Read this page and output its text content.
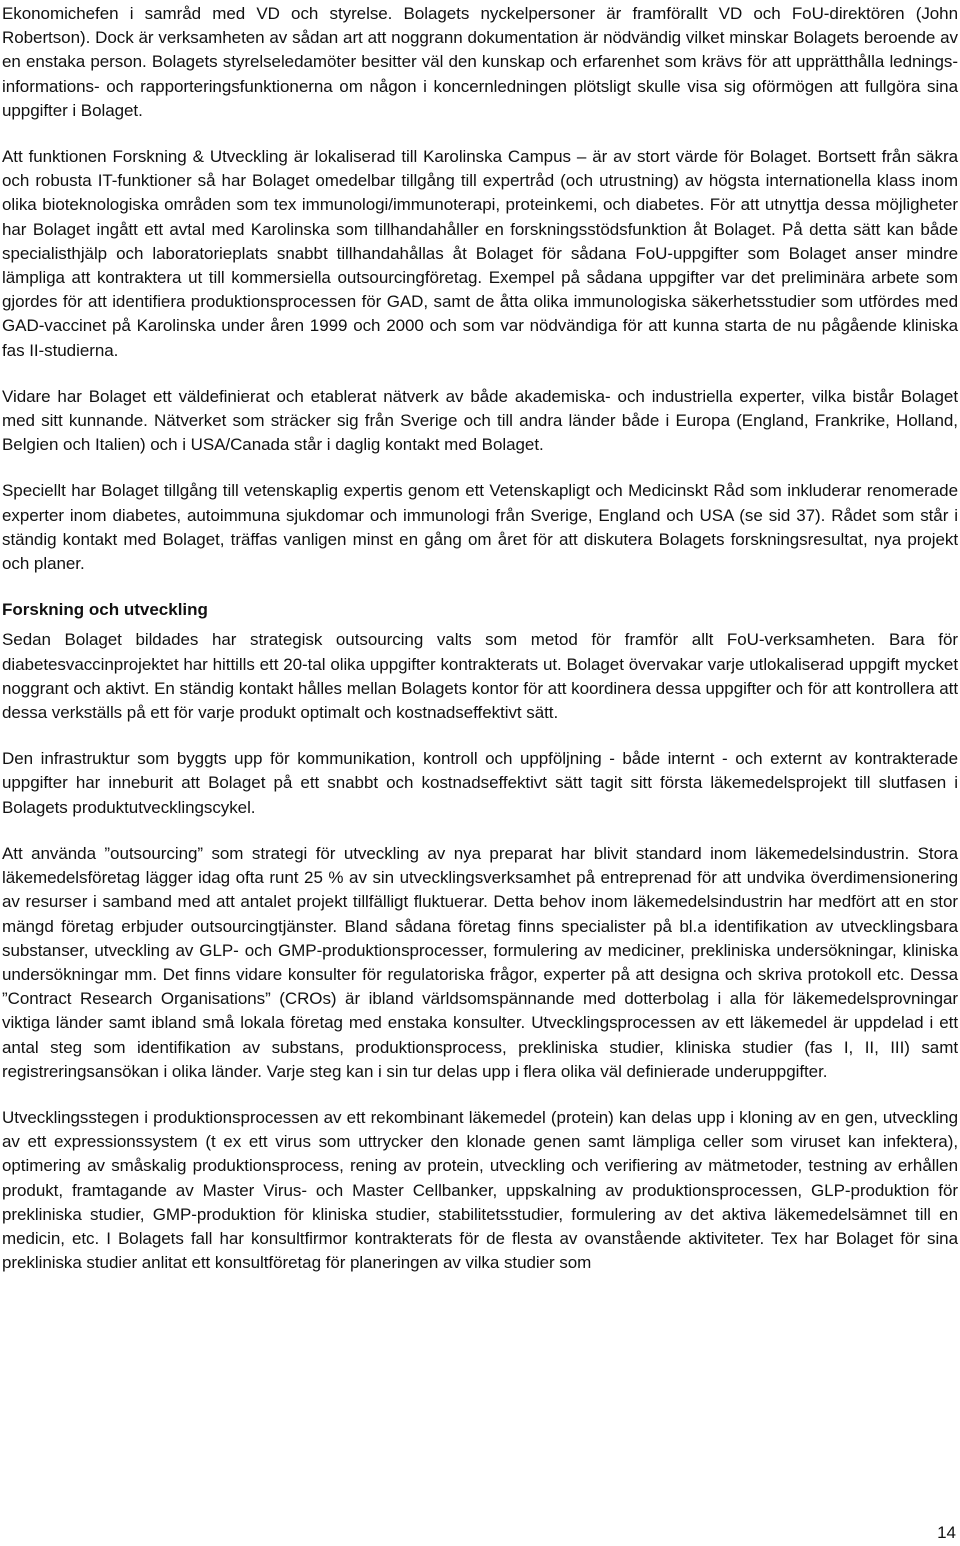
Ekonomichefen i samråd med VD och styrelse. Bolagets nyckelpersoner är framförallt VD och FoU-direktören (John Robertson). Dock är verksamheten av sådan art att noggrann dokumentation är nödvändig vilket minskar Bolagets beroende av en enstaka person. Bolagets styrelseledamöter besitter väl den kunskap och erfarenhet som krävs för att upprätthålla lednings- informations- och rapporteringsfunktionerna om någon i koncernledningen plötsligt skulle visa sig oförmögen att fullgöra sina uppgifter i Bolaget.

Att funktionen Forskning & Utveckling är lokaliserad till Karolinska Campus – är av stort värde för Bolaget. Bortsett från säkra och robusta IT-funktioner så har Bolaget omedelbar tillgång till expertråd (och utrustning) av högsta internationella klass inom olika bioteknologiska områden som tex immunologi/immunoterapi, proteinkemi, och diabetes. För att utnyttja dessa möjligheter har Bolaget ingått ett avtal med Karolinska som tillhandahåller en forskningsstödsfunktion åt Bolaget. På detta sätt kan både specialisthjälp och laboratorieplats snabbt tillhandahållas åt Bolaget för sådana FoU-uppgifter som Bolaget anser mindre lämpliga att kontraktera ut till kommersiella outsourcingföretag. Exempel på sådana uppgifter var det preliminära arbete som gjordes för att identifiera produktionsprocessen för GAD, samt de åtta olika immunologiska säkerhetsstudier som utfördes med GAD-vaccinet på Karolinska under åren 1999 och 2000 och som var nödvändiga för att kunna starta de nu pågående kliniska fas II-studierna.

Vidare har Bolaget ett väldefinierat och etablerat nätverk av både akademiska- och industriella experter, vilka bistår Bolaget med sitt kunnande. Nätverket som sträcker sig från Sverige och till andra länder både i Europa (England, Frankrike, Holland, Belgien och Italien) och i USA/Canada står i daglig kontakt med Bolaget.

Speciellt har Bolaget tillgång till vetenskaplig expertis genom ett Vetenskapligt och Medicinskt Råd som inkluderar renomerade experter inom diabetes, autoimmuna sjukdomar och immunologi från Sverige, England och USA (se sid 37). Rådet som står i ständig kontakt med Bolaget, träffas vanligen minst en gång om året för att diskutera Bolagets forskningsresultat, nya projekt och planer.

Forskning och utveckling

Sedan Bolaget bildades har strategisk outsourcing valts som metod för framför allt FoU-verksamheten. Bara för diabetesvaccinprojektet har hittills ett 20-tal olika uppgifter kontrakterats ut. Bolaget övervakar varje utlokaliserad uppgift mycket noggrant och aktivt. En ständig kontakt hålles mellan Bolagets kontor för att koordinera dessa uppgifter och för att kontrollera att dessa verkställs på ett för varje produkt optimalt och kostnadseffektivt sätt.

Den infrastruktur som byggts upp för kommunikation, kontroll och uppföljning - både internt - och externt av kontrakterade uppgifter har inneburit att Bolaget på ett snabbt och kostnadseffektivt sätt tagit sitt första läkemedelsprojekt till slutfasen i Bolagets produktutvecklingscykel.

Att använda ”outsourcing” som strategi för utveckling av nya preparat har blivit standard inom läkemedelsindustrin. Stora läkemedelsföretag lägger idag ofta runt 25 % av sin utvecklingsverksamhet på entreprenad för att undvika överdimensionering av resurser i samband med att antalet projekt tillfälligt fluktuerar. Detta behov inom läkemedelsindustrin har medfört att en stor mängd företag erbjuder outsourcingtjänster. Bland sådana företag finns specialister på bl.a identifikation av utvecklingsbara substanser, utveckling av GLP- och GMP-produktionsprocesser, formulering av mediciner, prekliniska undersökningar, kliniska undersökningar mm. Det finns vidare konsulter för regulatoriska frågor, experter på att designa och skriva protokoll etc. Dessa ”Contract Research Organisations” (CROs) är ibland världsomspännande med dotterbolag i alla för läkemedelsprovningar viktiga länder samt ibland små lokala företag med enstaka konsulter. Utvecklingsprocessen av ett läkemedel är uppdelad i ett antal steg som identifikation av substans, produktionsprocess, prekliniska studier, kliniska studier (fas I, II, III) samt registreringsansökan i olika länder. Varje steg kan i sin tur delas upp i flera olika väl definierade underuppgifter.

Utvecklingsstegen i produktionsprocessen av ett rekombinant läkemedel (protein) kan delas upp i kloning av en gen, utveckling av ett expressionssystem (t ex ett virus som uttrycker den klonade genen samt lämpliga celler som viruset kan infektera), optimering av småskalig produktionsprocess, rening av protein, utveckling och verifiering av mätmetoder, testning av erhållen produkt, framtagande av Master Virus- och Master Cellbanker, uppskalning av produktionsprocessen, GLP-produktion för prekliniska studier, GMP-produktion för kliniska studier, stabilitetsstudier, formulering av det aktiva läkemedelsämnet till en medicin, etc. I Bolagets fall har konsultfirmor kontrakterats för de flesta av ovanstående aktiviteter. Tex har Bolaget för sina prekliniska studier anlitat ett konsultföretag för planeringen av vilka studier som

14
